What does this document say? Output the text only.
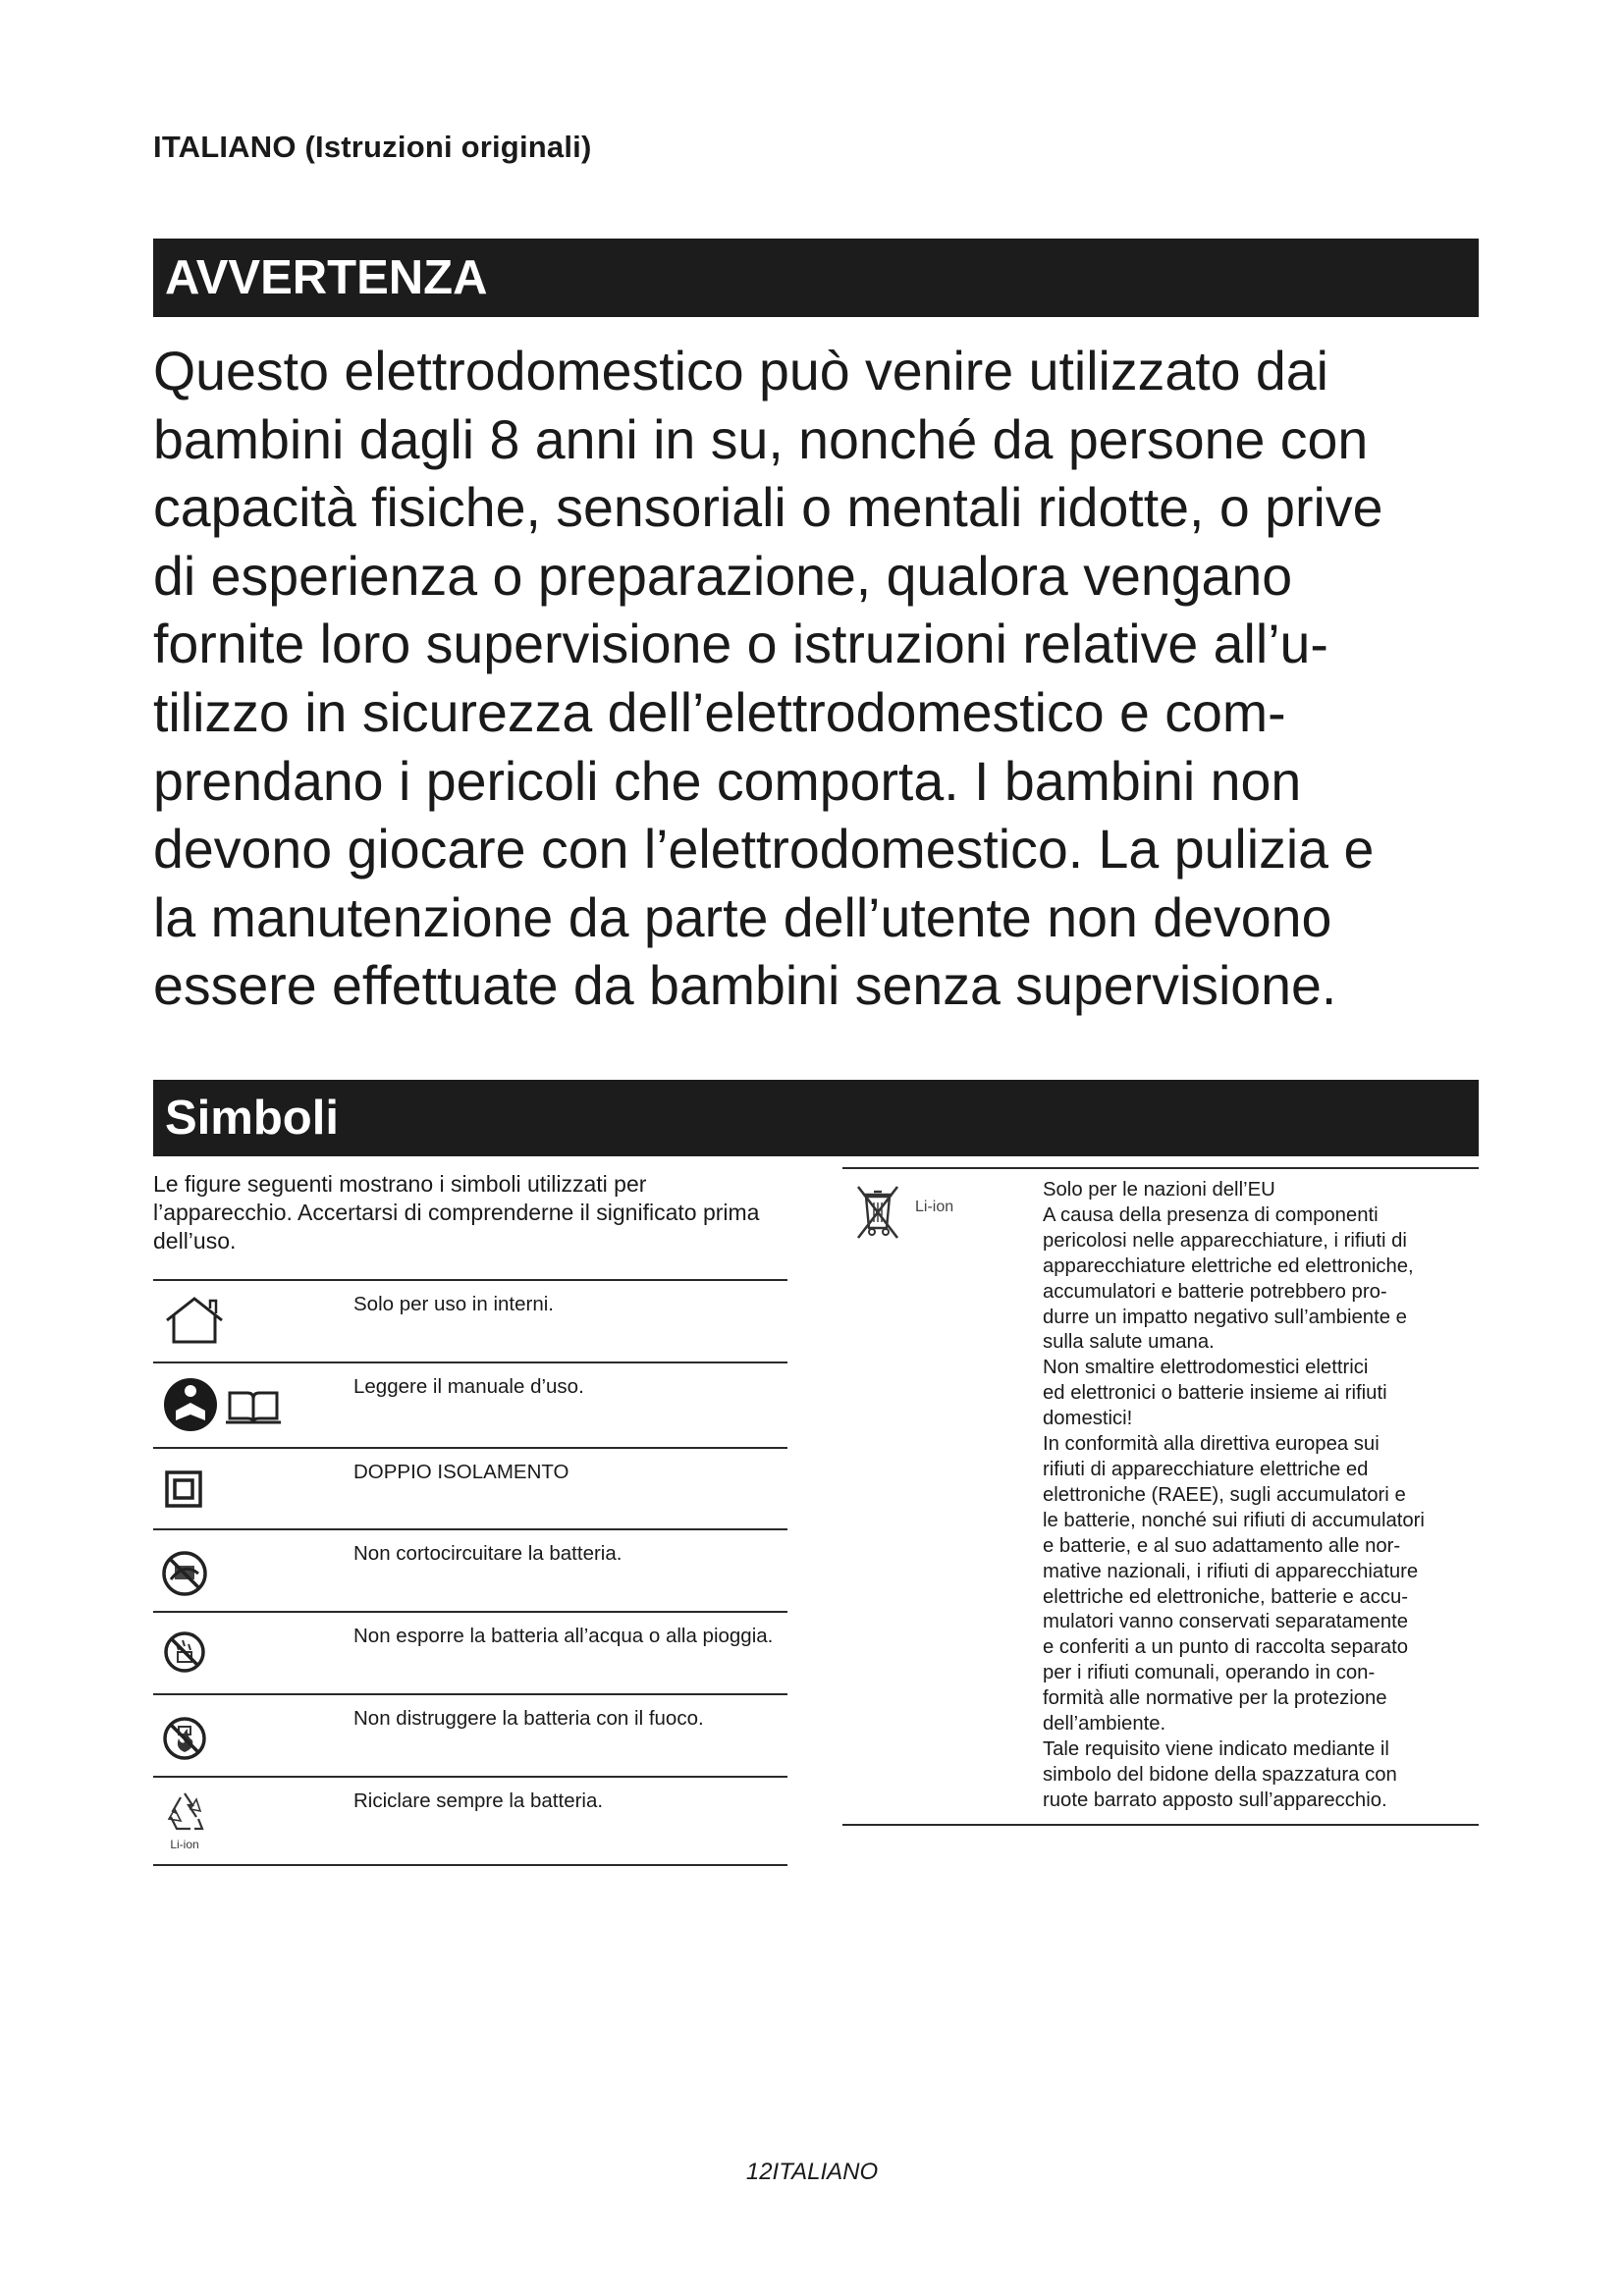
ITALIANO (Istruzioni originali)
AVVERTENZA
Questo elettrodomestico può venire utilizzato dai
bambini dagli 8 anni in su, nonché da persone con
capacità fisiche, sensoriali o mentali ridotte, o prive
di esperienza o preparazione, qualora vengano
fornite loro supervisione o istruzioni relative all’u-
tilizzo in sicurezza dell’elettrodomestico e com-
prendano i pericoli che comporta. I bambini non
devono giocare con l’elettrodomestico. La pulizia e
la manutenzione da parte dell’utente non devono
essere effettuate da bambini senza supervisione.
Simboli
Le figure seguenti mostrano i simboli utilizzati per l’apparecchio. Accertarsi di comprenderne il significato prima dell’uso.
Solo per uso in interni.
Leggere il manuale d’uso.
DOPPIO ISOLAMENTO
Non cortocircuitare la batteria.
Non esporre la batteria all’acqua o alla pioggia.
Non distruggere la batteria con il fuoco.
Li-ion
Riciclare sempre la batteria.
Li-ion
Solo per le nazioni dell’EU
A causa della presenza di componenti
pericolosi nelle apparecchiature, i rifiuti di
apparecchiature elettriche ed elettroniche,
accumulatori e batterie potrebbero pro-
durre un impatto negativo sull’ambiente e
sulla salute umana.
Non smaltire elettrodomestici elettrici
ed elettronici o batterie insieme ai rifiuti
domestici!
In conformità alla direttiva europea sui
rifiuti di apparecchiature elettriche ed
elettroniche (RAEE), sugli accumulatori e
le batterie, nonché sui rifiuti di accumulatori
e batterie, e al suo adattamento alle nor-
mative nazionali, i rifiuti di apparecchiature
elettriche ed elettroniche, batterie e accu-
mulatori vanno conservati separatamente
e conferiti a un punto di raccolta separato
per i rifiuti comunali, operando in con-
formità alle normative per la protezione
dell’ambiente.
Tale requisito viene indicato mediante il
simbolo del bidone della spazzatura con
ruote barrato apposto sull’apparecchio.
12ITALIANO
